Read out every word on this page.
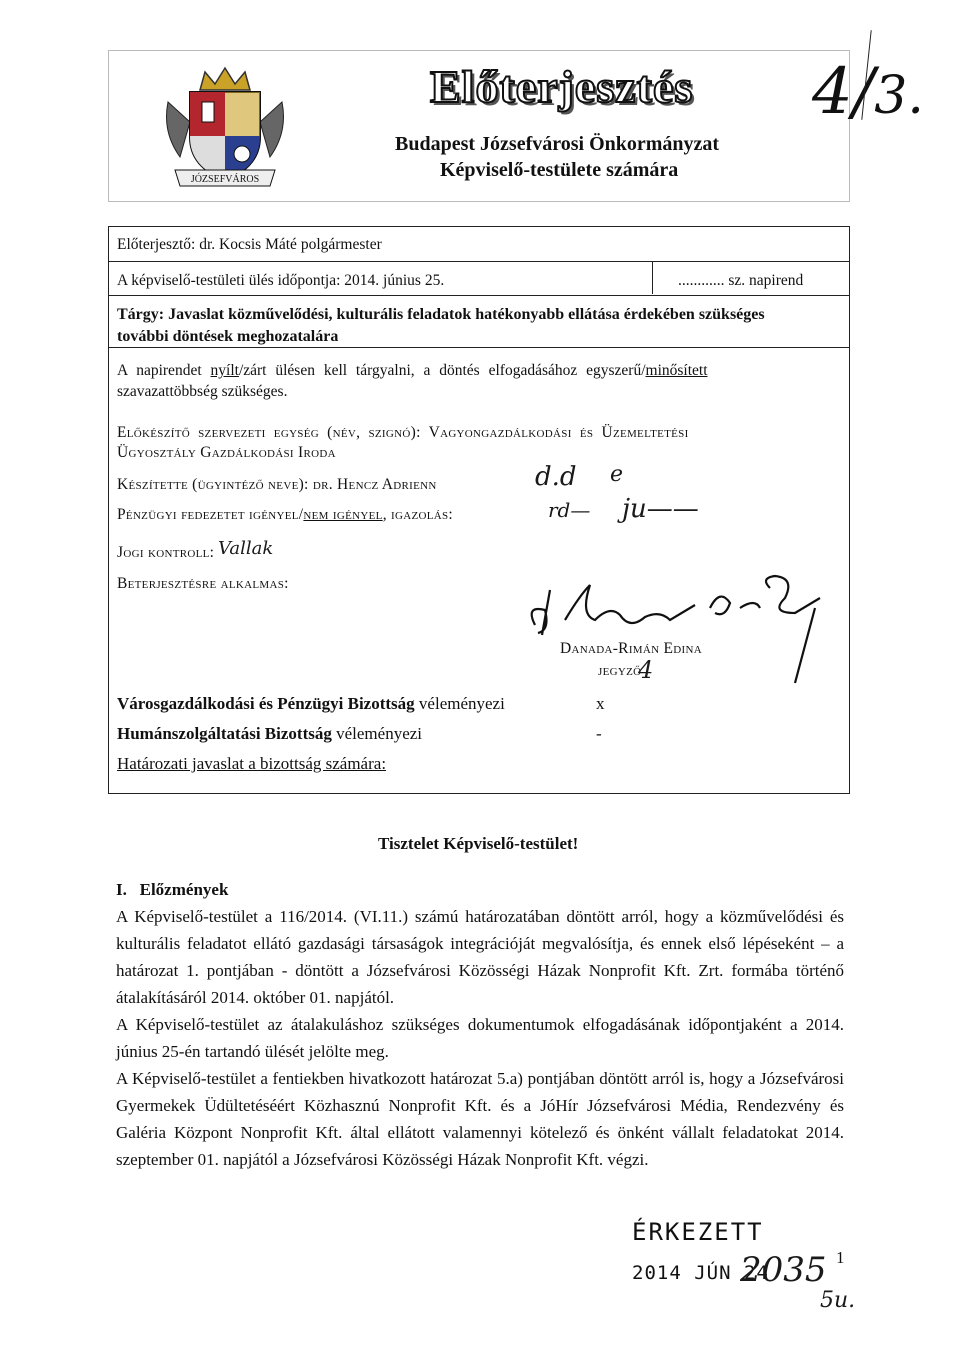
JÓZSEFVÁROS
Előterjesztés
Budapest Józsefvárosi Önkormányzat
Képviselő-testülete számára
4/3.
Előterjesztő: dr. Kocsis Máté polgármester
A képviselő-testületi ülés időpontja: 2014. június 25.	............ sz. napirend
Tárgy: Javaslat közművelődési, kulturális feladatok hatékonyabb ellátása érdekében szükséges
további döntések meghozatalára
A napirendet nyílt/zárt ülésen kell tárgyalni, a döntés elfogadásához egyszerű/minősített
szavazattöbbség szükséges.
Előkészítő szervezeti egység (név, szignó): Vagyongazdálkodási és Üzemeltetési
Ügyosztály Gazdálkodási Iroda
Készítette (ügyintéző neve): dr. Hencz Adrienn	d.d e
Pénzügyi fedezetet igényel/nem igényel, igazolás:	rd— ju——
Jogi kontroll: Vallak
Beterjesztésre alkalmas:
Danada-Rimán Edina
jegyző
4
Városgazdálkodási és Pénzügyi Bizottság véleményezi	x
Humánszolgáltatási Bizottság véleményezi	-
Határozati javaslat a bizottság számára:
Tisztelet Képviselő-testület!
I. Előzmények
A Képviselő-testület a 116/2014. (VI.11.) számú határozatában döntött arról, hogy a közművelődési és kulturális feladatot ellátó gazdasági társaságok integrációját megvalósítja, és ennek első lépéseként – a határozat 1. pontjában - döntött a Józsefvárosi Közösségi Házak Nonprofit Kft. Zrt. formába történő átalakításáról 2014. október 01. napjától.
A Képviselő-testület az átalakuláshoz szükséges dokumentumok elfogadásának időpontjaként a 2014. június 25-én tartandó ülését jelölte meg.
A Képviselő-testület a fentiekben hivatkozott határozat 5.a) pontjában döntött arról is, hogy a Józsefvárosi Gyermekek Üdültetéséért Közhasznú Nonprofit Kft. és a JóHír Józsefvárosi Média, Rendezvény és Galéria Központ Nonprofit Kft. által ellátott valamennyi kötelező és önként vállalt feladatokat 2014. szeptember 01. napjától a Józsefvárosi Közösségi Házak Nonprofit Kft. végzi.
ÉRKEZETT
2014 JÚN 24
2035 1
5u.
